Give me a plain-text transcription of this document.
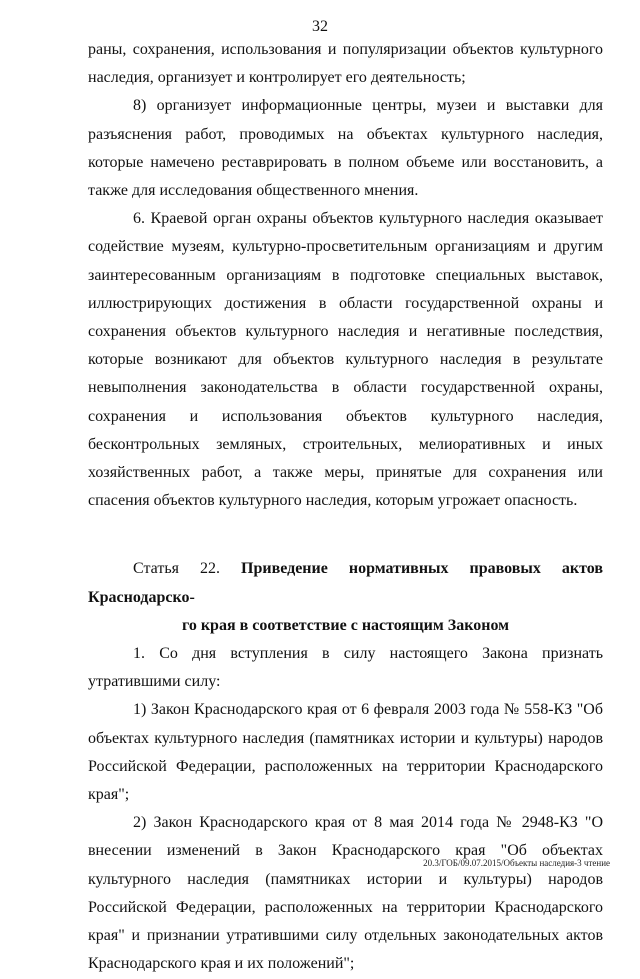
32

раны, сохранения, использования и популяризации объектов культурного наследия, организует и контролирует его деятельность;

8) организует информационные центры, музеи и выставки для разъяснения работ, проводимых на объектах культурного наследия, которые намечено реставрировать в полном объеме или восстановить, а также для исследования общественного мнения.

6. Краевой орган охраны объектов культурного наследия оказывает содействие музеям, культурно-просветительным организациям и другим заинтересованным организациям в подготовке специальных выставок, иллюстрирующих достижения в области государственной охраны и сохранения объектов культурного наследия и негативные последствия, которые возникают для объектов культурного наследия в результате невыполнения законодательства в области государственной охраны, сохранения и использования объектов культурного наследия, бесконтрольных земляных, строительных, мелиоративных и иных хозяйственных работ, а также меры, принятые для сохранения или спасения объектов культурного наследия, которым угрожает опасность.

Статья 22. Приведение нормативных правовых актов Краснодарско-
го края в соответствие с настоящим Законом

1. Со дня вступления в силу настоящего Закона признать утратившими силу:

1) Закон Краснодарского края от 6 февраля 2003 года № 558-КЗ "Об объектах культурного наследия (памятниках истории и культуры) народов Российской Федерации, расположенных на территории Краснодарского края";

2) Закон Краснодарского края от 8 мая 2014 года № 2948-КЗ "О внесении изменений в Закон Краснодарского края "Об объектах культурного наследия (памятниках истории и культуры) народов Российской Федерации, расположенных на территории Краснодарского края" и признании утратившими силу отдельных законодательных актов Краснодарского края и их положений";

20.3/ГОБ/09.07.2015/Объекты наследия-3 чтение
